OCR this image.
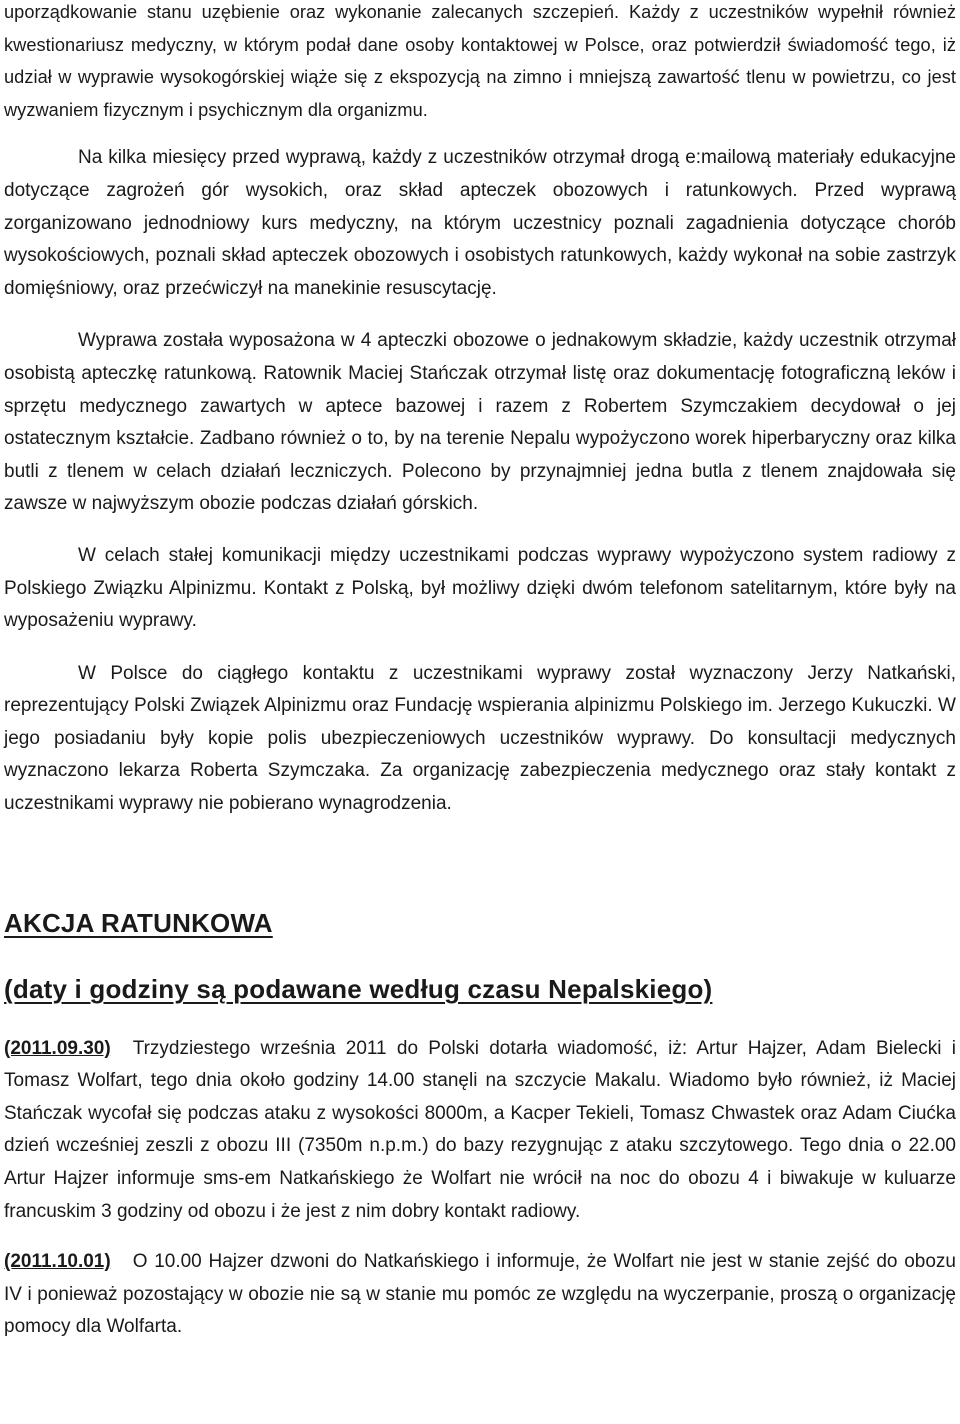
uporządkowanie stanu uzębienie oraz wykonanie zalecanych szczepień. Każdy z uczestników wypełnił również kwestionariusz medyczny, w którym podał dane osoby kontaktowej w Polsce, oraz potwierdził świadomość tego, iż udział w wyprawie wysokogórskiej wiąże się z ekspozycją na zimno i mniejszą zawartość tlenu w powietrzu, co jest wyzwaniem fizycznym i psychicznym dla organizmu.

Na kilka miesięcy przed wyprawą, każdy z uczestników otrzymał drogą e:mailową materiały edukacyjne dotyczące zagrożeń gór wysokich, oraz skład apteczek obozowych i ratunkowych. Przed wyprawą zorganizowano jednodniowy kurs medyczny, na którym uczestnicy poznali zagadnienia dotyczące chorób wysokościowych, poznali skład apteczek obozowych i osobistych ratunkowych, każdy wykonał na sobie zastrzyk domięśniowy, oraz przećwiczył na manekinie resuscytację.

Wyprawa została wyposażona w 4 apteczki obozowe o jednakowym składzie, każdy uczestnik otrzymał osobistą apteczkę ratunkową. Ratownik Maciej Stańczak otrzymał listę oraz dokumentację fotograficzną leków i sprzętu medycznego zawartych w aptece bazowej i razem z Robertem Szymczakiem decydował o jej ostatecznym kształcie. Zadbano również o to, by na terenie Nepalu wypożyczono worek hiperbaryczny oraz kilka butli z tlenem w celach działań leczniczych. Polecono by przynajmniej jedna butla z tlenem znajdowała się zawsze w najwyższym obozie podczas działań górskich.

W celach stałej komunikacji między uczestnikami podczas wyprawy wypożyczono system radiowy z Polskiego Związku Alpinizmu. Kontakt z Polską, był możliwy dzięki dwóm telefonom satelitarnym, które były na wyposażeniu wyprawy.

W Polsce do ciągłego kontaktu z uczestnikami wyprawy został wyznaczony Jerzy Natkański, reprezentujący Polski Związek Alpinizmu oraz Fundację wspierania alpinizmu Polskiego im. Jerzego Kukuczki. W jego posiadaniu były kopie polis ubezpieczeniowych uczestników wyprawy. Do konsultacji medycznych wyznaczono lekarza Roberta Szymczaka. Za organizację zabezpieczenia medycznego oraz stały kontakt z uczestnikami wyprawy nie pobierano wynagrodzenia.

AKCJA RATUNKOWA
(daty i godziny są podawane według czasu Nepalskiego)

(2011.09.30) Trzydziestego września 2011 do Polski dotarła wiadomość, iż: Artur Hajzer, Adam Bielecki i Tomasz Wolfart, tego dnia około godziny 14.00 stanęli na szczycie Makalu. Wiadomo było również, iż Maciej Stańczak wycofał się podczas ataku z wysokości 8000m, a Kacper Tekieli, Tomasz Chwastek oraz Adam Ciućka dzień wcześniej zeszli z obozu III (7350m n.p.m.) do bazy rezygnując z ataku szczytowego. Tego dnia o 22.00 Artur Hajzer informuje sms-em Natkańskiego że Wolfart nie wrócił na noc do obozu 4 i biwakuje w kuluarze francuskim 3 godziny od obozu i że jest z nim dobry kontakt radiowy.

(2011.10.01) O 10.00 Hajzer dzwoni do Natkańskiego i informuje, że Wolfart nie jest w stanie zejść do obozu IV i ponieważ pozostający w obozie nie są w stanie mu pomóc ze względu na wyczerpanie, proszą o organizację pomocy dla Wolfarta.
